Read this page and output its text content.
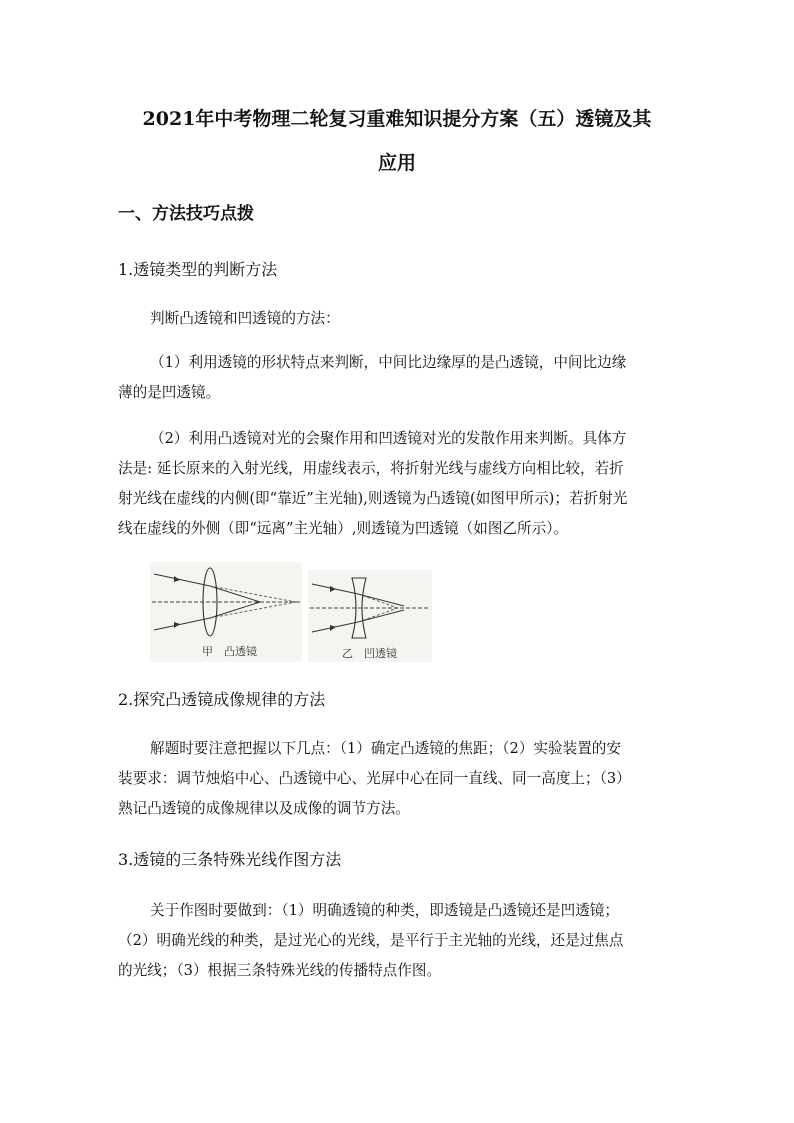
2021年中考物理二轮复习重难知识提分方案（五）透镜及其
应用
一、方法技巧点拨
1.透镜类型的判断方法
判断凸透镜和凹透镜的方法：
（1）利用透镜的形状特点来判断，中间比边缘厚的是凸透镜，中间比边缘
薄的是凹透镜。
（2）利用凸透镜对光的会聚作用和凹透镜对光的发散作用来判断。具体方
法是: 延长原来的入射光线，用虚线表示，将折射光线与虚线方向相比较，若折
射光线在虚线的内侧(即“靠近”主光轴),则透镜为凸透镜(如图甲所示)；若折射光
线在虚线的外侧（即“远离”主光轴）,则透镜为凹透镜（如图乙所示）。
甲　凸透镜	乙　凹透镜
2.探究凸透镜成像规律的方法
解题时要注意把握以下几点：（1）确定凸透镜的焦距；（2）实验装置的安
装要求：调节烛焰中心、凸透镜中心、光屏中心在同一直线、同一高度上；（3）
熟记凸透镜的成像规律以及成像的调节方法。
3.透镜的三条特殊光线作图方法
关于作图时要做到：（1）明确透镜的种类，即透镜是凸透镜还是凹透镜；
（2）明确光线的种类，是过光心的光线，是平行于主光轴的光线，还是过焦点
的光线；（3）根据三条特殊光线的传播特点作图。
